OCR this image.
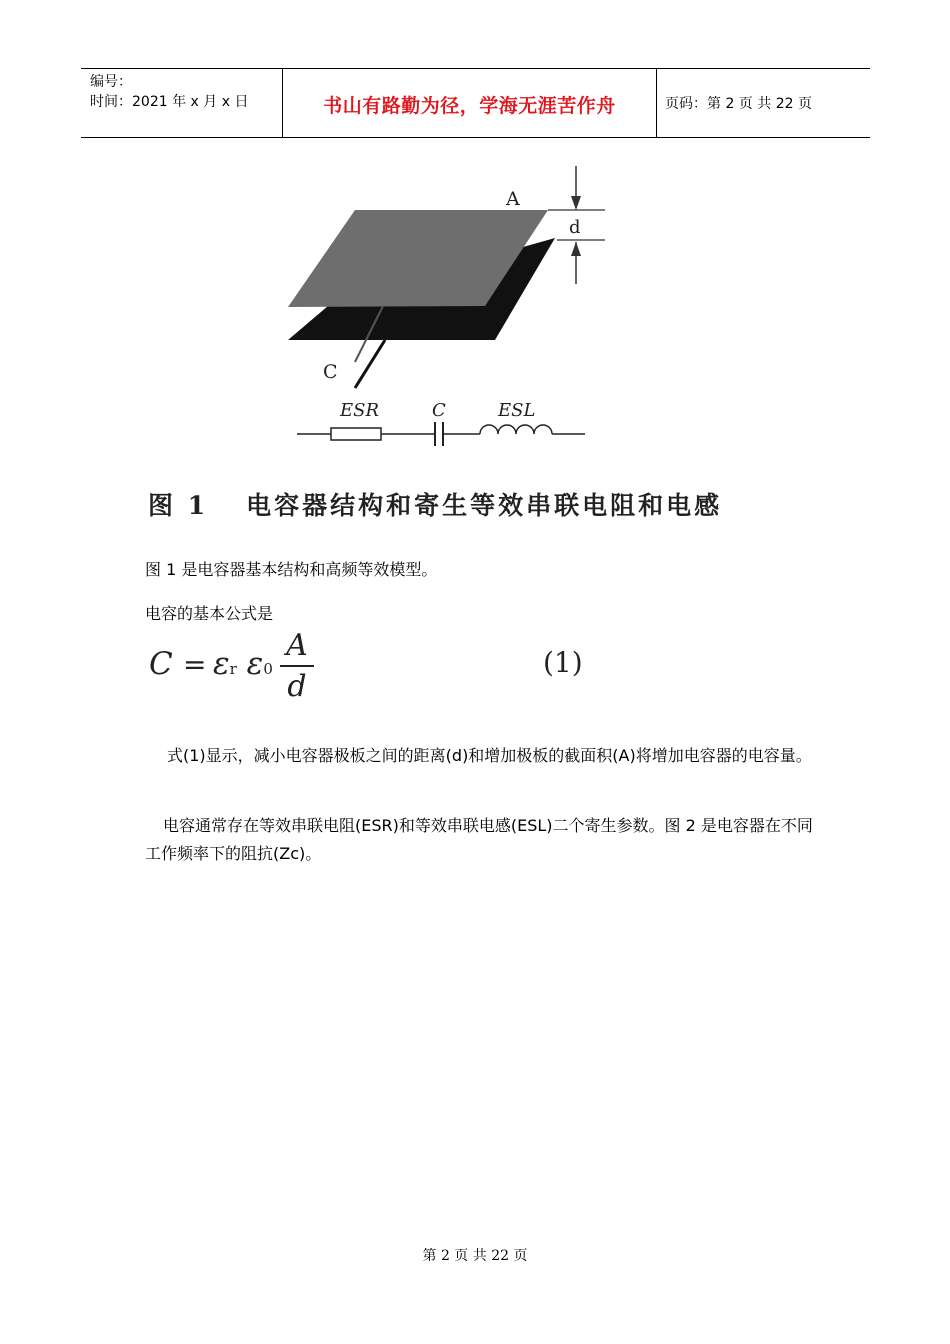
编号：
时间：2021 年 x 月 x 日	书山有路勤为径，学海无涯苦作舟	页码：第 2 页 共 22 页
A
d
C
ESR	C	ESL
图 1 电容器结构和寄生等效串联电阻和电感
图 1 是电容器基本结构和高频等效模型。
电容的基本公式是
C = εr ε0
A
d
(1)
式(1)显示，减小电容器极板之间的距离(d)和增加极板的截面积(A)将增加电容器的电容量。
电容通常存在等效串联电阻(ESR)和等效串联电感(ESL)二个寄生参数。图 2 是电容器在不同工作频率下的阻抗(Zc)。
第 2 页 共 22 页
